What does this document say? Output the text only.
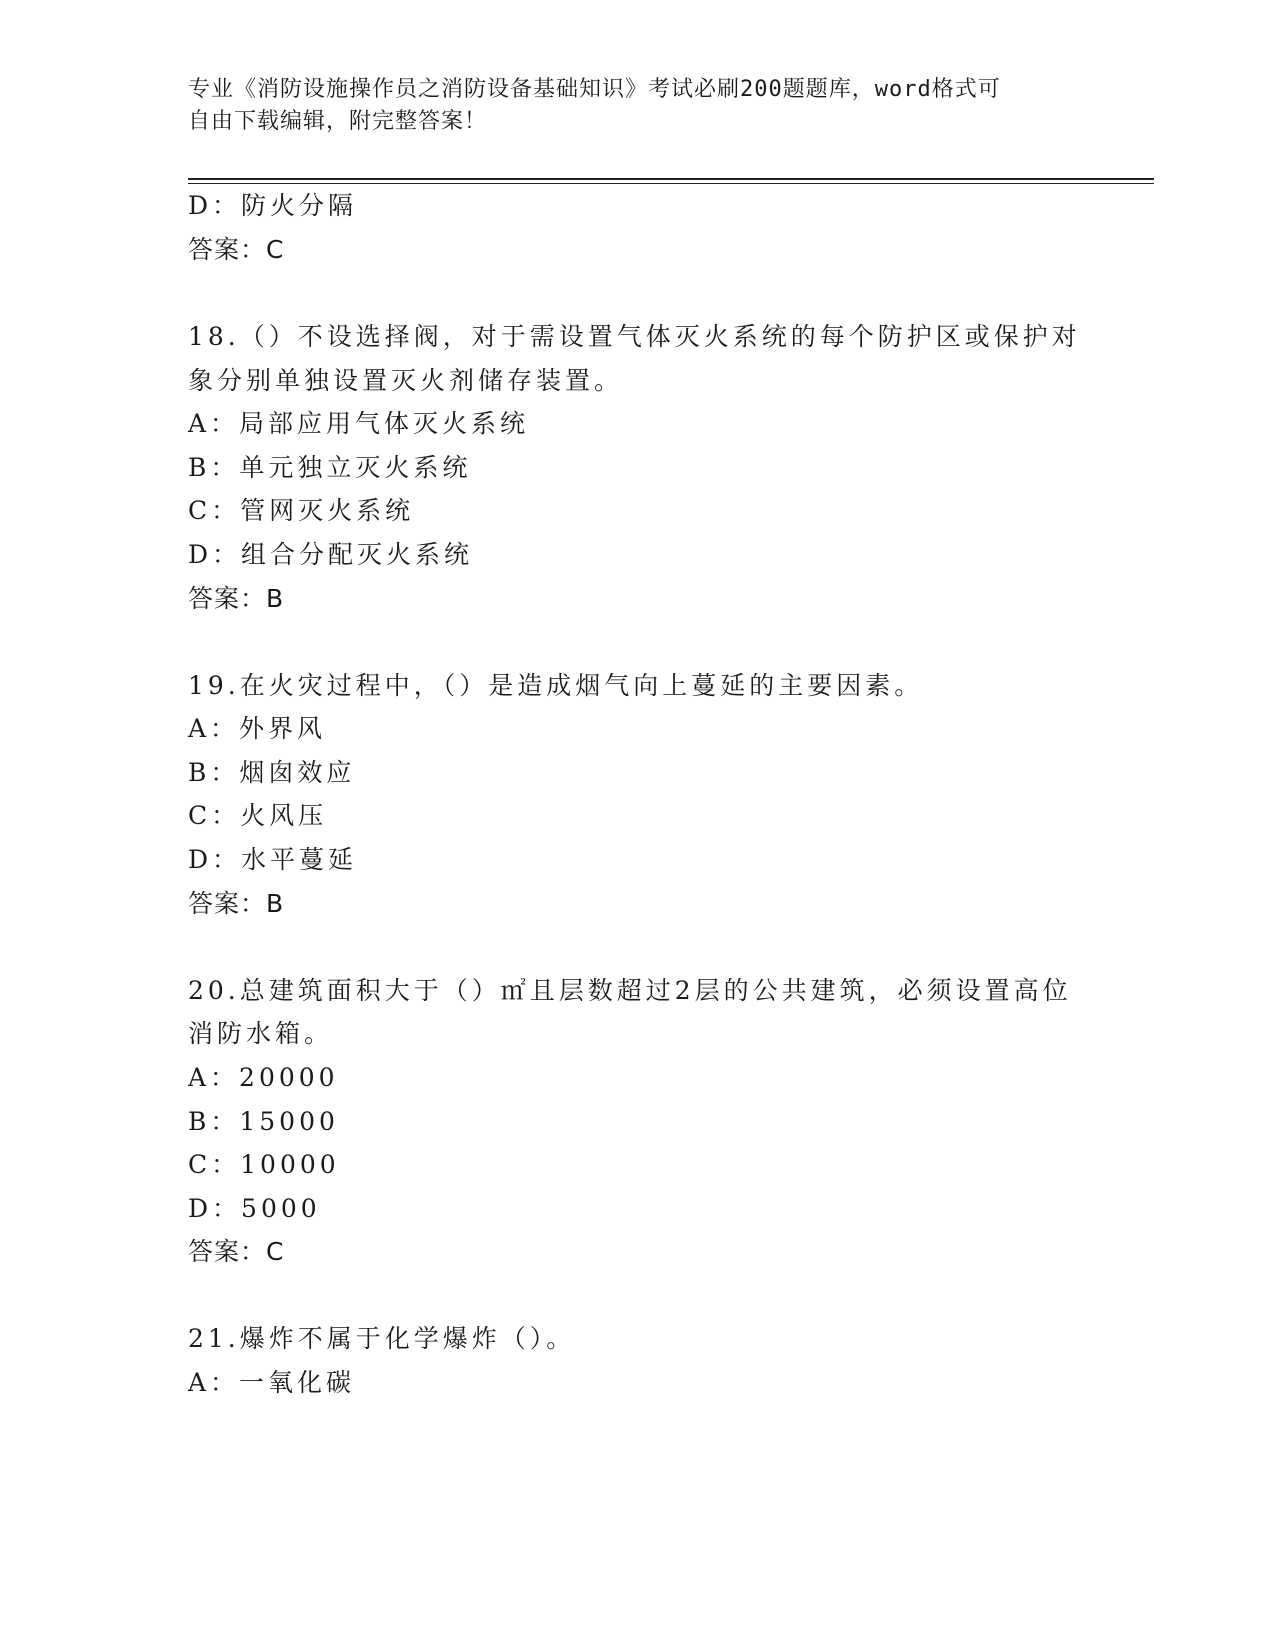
专业《消防设施操作员之消防设备基础知识》考试必刷200题题库，word格式可
自由下载编辑，附完整答案！
D：防火分隔
答案：C
18.（）不设选择阀，对于需设置气体灭火系统的每个防护区或保护对
象分别单独设置灭火剂储存装置。
A：局部应用气体灭火系统
B：单元独立灭火系统
C：管网灭火系统
D：组合分配灭火系统
答案：B
19.在火灾过程中，（）是造成烟气向上蔓延的主要因素。
A：外界风
B：烟囱效应
C：火风压
D：水平蔓延
答案：B
20.总建筑面积大于（）㎡且层数超过2层的公共建筑，必须设置高位
消防水箱。
A：20000
B：15000
C：10000
D：5000
答案：C
21.爆炸不属于化学爆炸（）。
A：一氧化碳
